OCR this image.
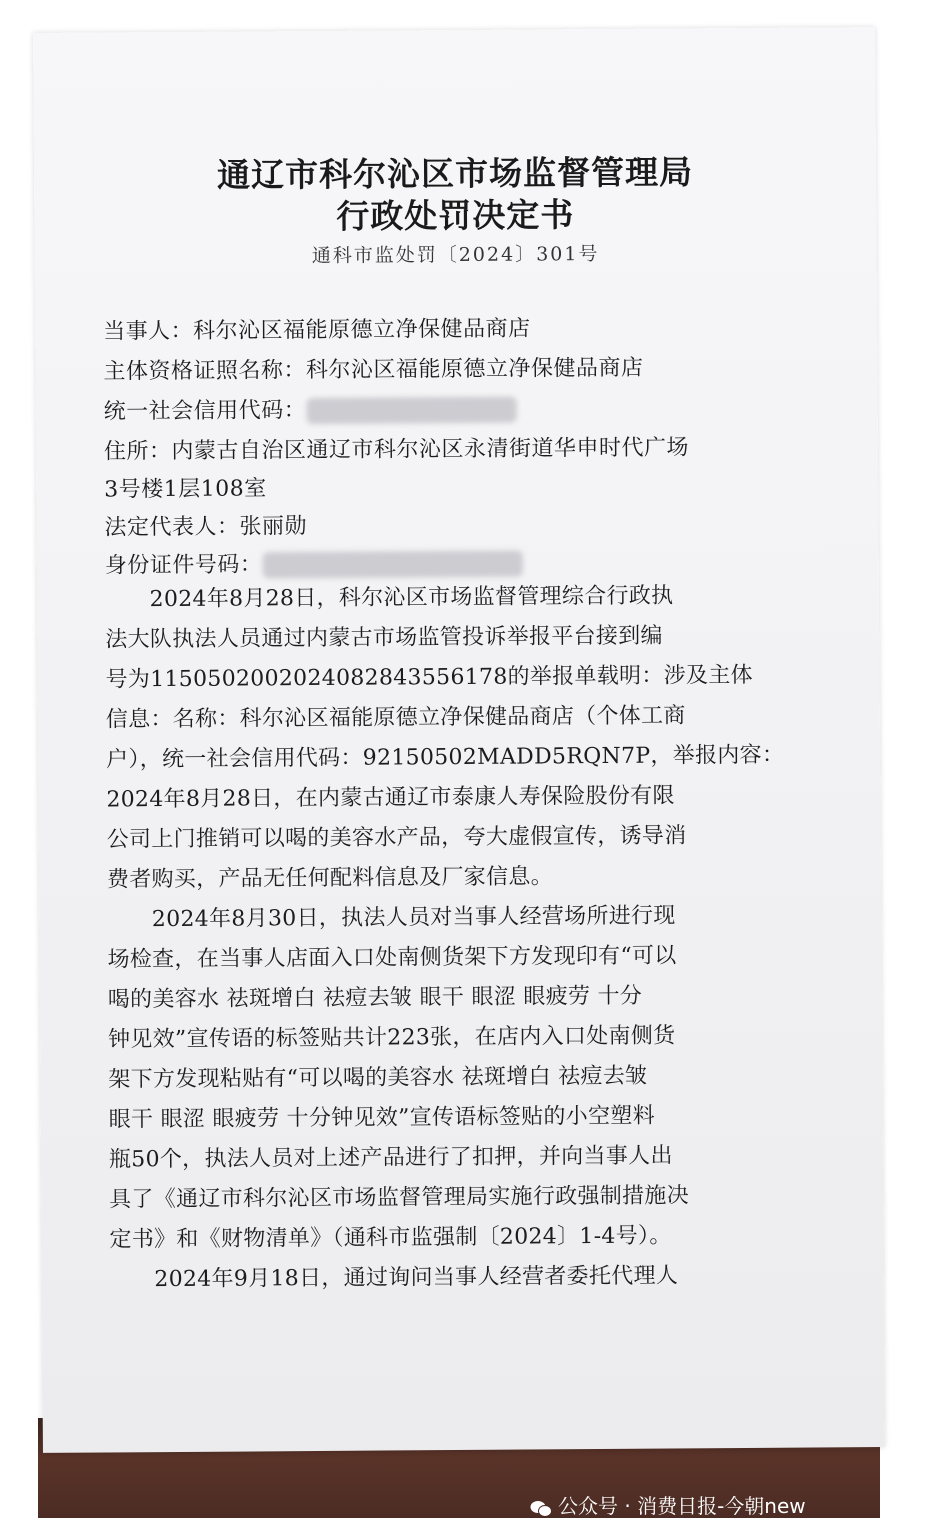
通辽市科尔沁区市场监督管理局
行政处罚决定书
通科市监处罚〔2024〕301号
当事人：科尔沁区福能原德立净保健品商店
主体资格证照名称：科尔沁区福能原德立净保健品商店
统一社会信用代码：
住所：内蒙古自治区通辽市科尔沁区永清街道华申时代广场
3号楼1层108室
法定代表人：张丽勋
身份证件号码：
　　2024年8月28日，科尔沁区市场监督管理综合行政执
法大队执法人员通过内蒙古市场监管投诉举报平台接到编
号为1150502002024082843556178的举报单载明：涉及主体
信息：名称：科尔沁区福能原德立净保健品商店（个体工商
户），统一社会信用代码：92150502MADD5RQN7P，举报内容：
2024年8月28日，在内蒙古通辽市泰康人寿保险股份有限
公司上门推销可以喝的美容水产品，夸大虚假宣传，诱导消
费者购买，产品无任何配料信息及厂家信息。
　　2024年8月30日，执法人员对当事人经营场所进行现
场检查，在当事人店面入口处南侧货架下方发现印有“可以
喝的美容水 祛斑增白 祛痘去皱 眼干 眼涩 眼疲劳 十分
钟见效”宣传语的标签贴共计223张，在店内入口处南侧货
架下方发现粘贴有“可以喝的美容水 祛斑增白 祛痘去皱
眼干 眼涩 眼疲劳 十分钟见效”宣传语标签贴的小空塑料
瓶50个，执法人员对上述产品进行了扣押，并向当事人出
具了《通辽市科尔沁区市场监督管理局实施行政强制措施决
定书》和《财物清单》（通科市监强制〔2024〕1-4号）。
　　2024年9月18日，通过询问当事人经营者委托代理人
公众号 · 消费日报-今朝new
